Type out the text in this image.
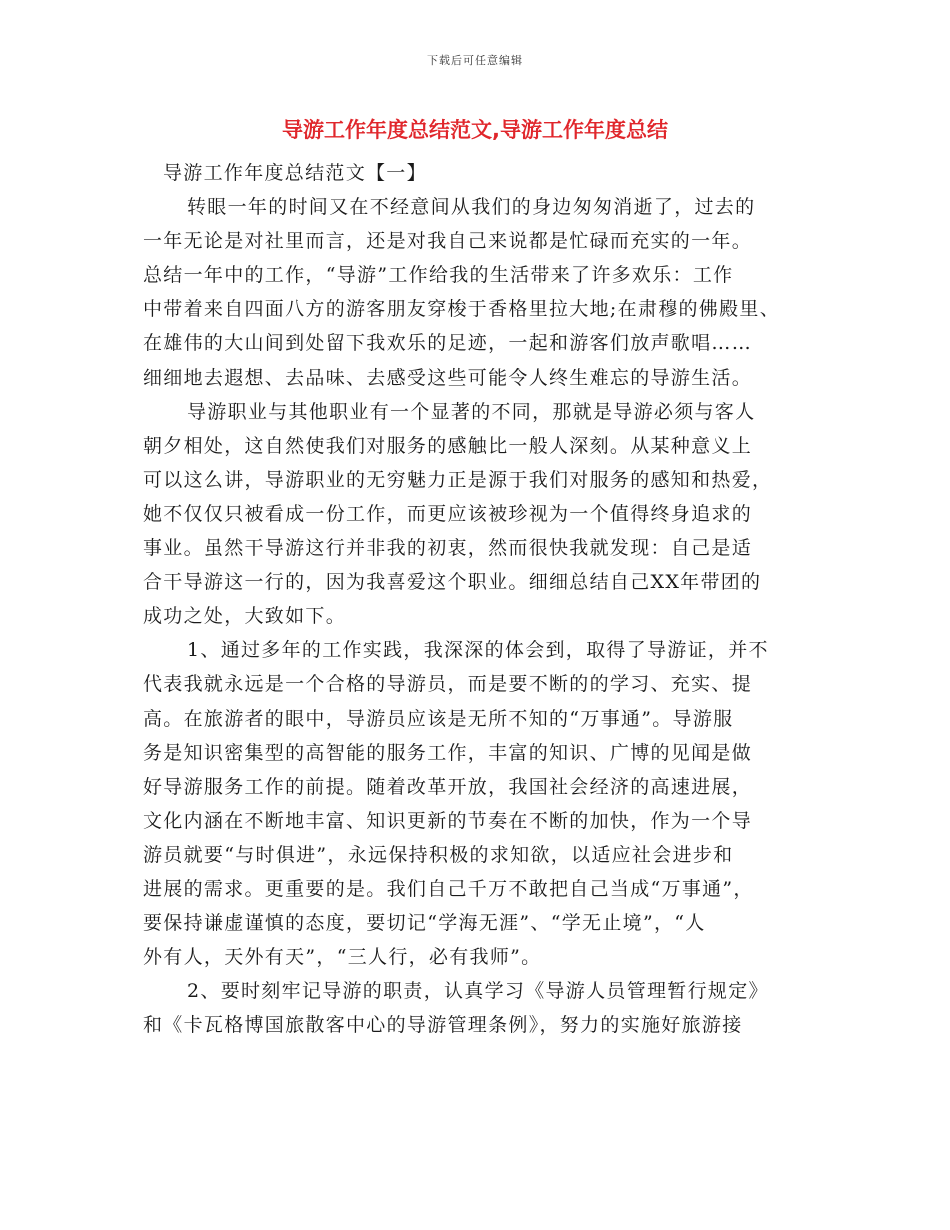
下载后可任意编辑
导游工作年度总结范文,导游工作年度总结
导游工作年度总结范文【一】
转眼一年的时间又在不经意间从我们的身边匆匆消逝了，过去的
一年无论是对社里而言，还是对我自己来说都是忙碌而充实的一年。
总结一年中的工作，“导游”工作给我的生活带来了许多欢乐：工作
中带着来自四面八方的游客朋友穿梭于香格里拉大地;在肃穆的佛殿里、
在雄伟的大山间到处留下我欢乐的足迹，一起和游客们放声歌唱……
细细地去遐想、去品味、去感受这些可能令人终生难忘的导游生活。
导游职业与其他职业有一个显著的不同，那就是导游必须与客人
朝夕相处，这自然使我们对服务的感触比一般人深刻。从某种意义上
可以这么讲，导游职业的无穷魅力正是源于我们对服务的感知和热爱，
她不仅仅只被看成一份工作，而更应该被珍视为一个值得终身追求的
事业。虽然干导游这行并非我的初衷，然而很快我就发现：自己是适
合干导游这一行的，因为我喜爱这个职业。细细总结自己XX年带团的
成功之处，大致如下。
1、通过多年的工作实践，我深深的体会到，取得了导游证，并不
代表我就永远是一个合格的导游员，而是要不断的的学习、充实、提
高。在旅游者的眼中，导游员应该是无所不知的“万事通”。导游服
务是知识密集型的高智能的服务工作，丰富的知识、广博的见闻是做
好导游服务工作的前提。随着改革开放，我国社会经济的高速进展，
文化内涵在不断地丰富、知识更新的节奏在不断的加快，作为一个导
游员就要“与时俱进”，永远保持积极的求知欲，以适应社会进步和
进展的需求。更重要的是。我们自己千万不敢把自己当成“万事通”，
要保持谦虚谨慎的态度，要切记“学海无涯”、“学无止境”，“人
外有人，天外有天”，“三人行，必有我师”。
2、要时刻牢记导游的职责，认真学习《导游人员管理暂行规定》
和《卡瓦格博国旅散客中心的导游管理条例》，努力的实施好旅游接
